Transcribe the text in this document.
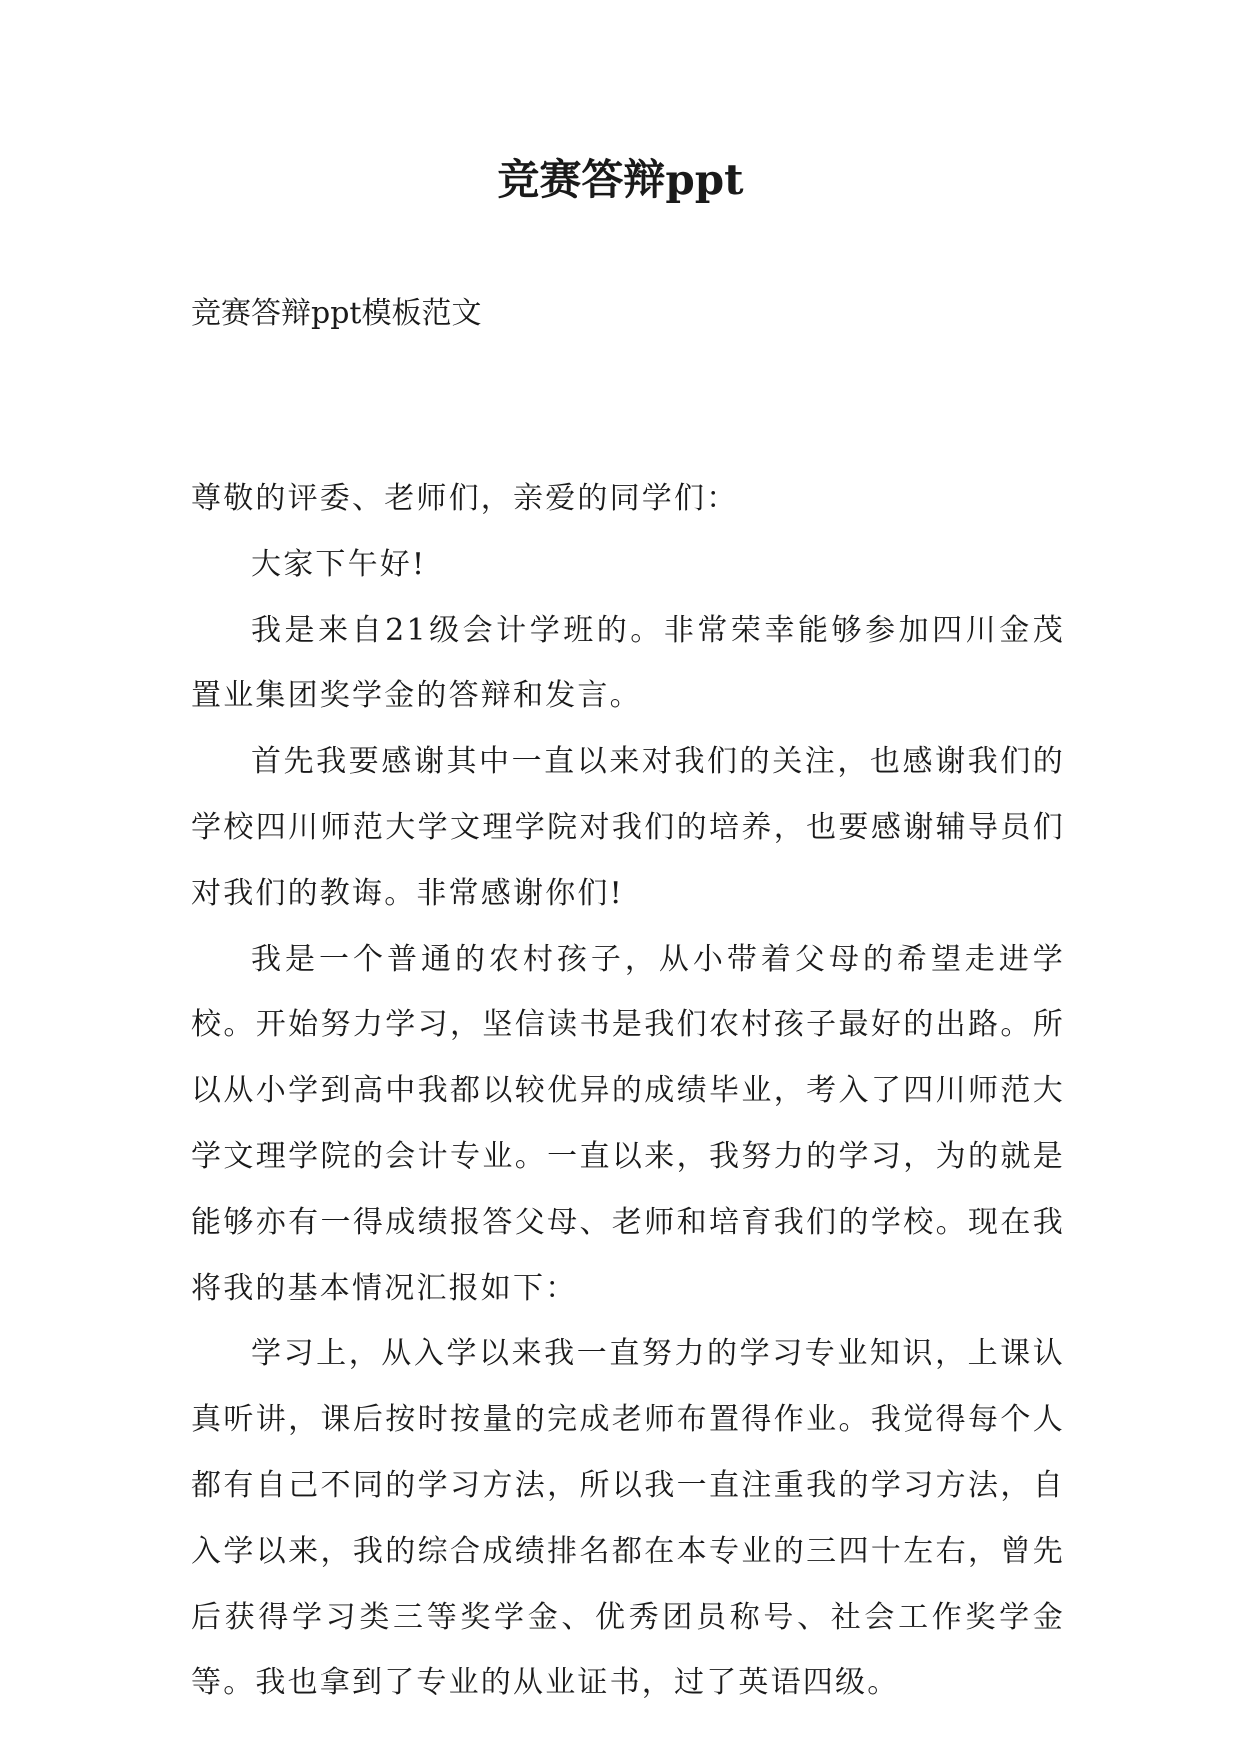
竞赛答辩ppt

竞赛答辩ppt模板范文

尊敬的评委、老师们，亲爱的同学们：

大家下午好!

我是来自21级会计学班的。非常荣幸能够参加四川金茂置业集团奖学金的答辩和发言。

首先我要感谢其中一直以来对我们的关注，也感谢我们的学校四川师范大学文理学院对我们的培养，也要感谢辅导员们对我们的教诲。非常感谢你们!

我是一个普通的农村孩子，从小带着父母的希望走进学校。开始努力学习，坚信读书是我们农村孩子最好的出路。所以从小学到高中我都以较优异的成绩毕业，考入了四川师范大学文理学院的会计专业。一直以来，我努力的学习，为的就是能够亦有一得成绩报答父母、老师和培育我们的学校。现在我将我的基本情况汇报如下：

学习上，从入学以来我一直努力的学习专业知识，上课认真听讲，课后按时按量的完成老师布置得作业。我觉得每个人都有自己不同的学习方法，所以我一直注重我的学习方法，自入学以来，我的综合成绩排名都在本专业的三四十左右，曾先后获得学习类三等奖学金、优秀团员称号、社会工作奖学金等。我也拿到了专业的从业证书，过了英语四级。
